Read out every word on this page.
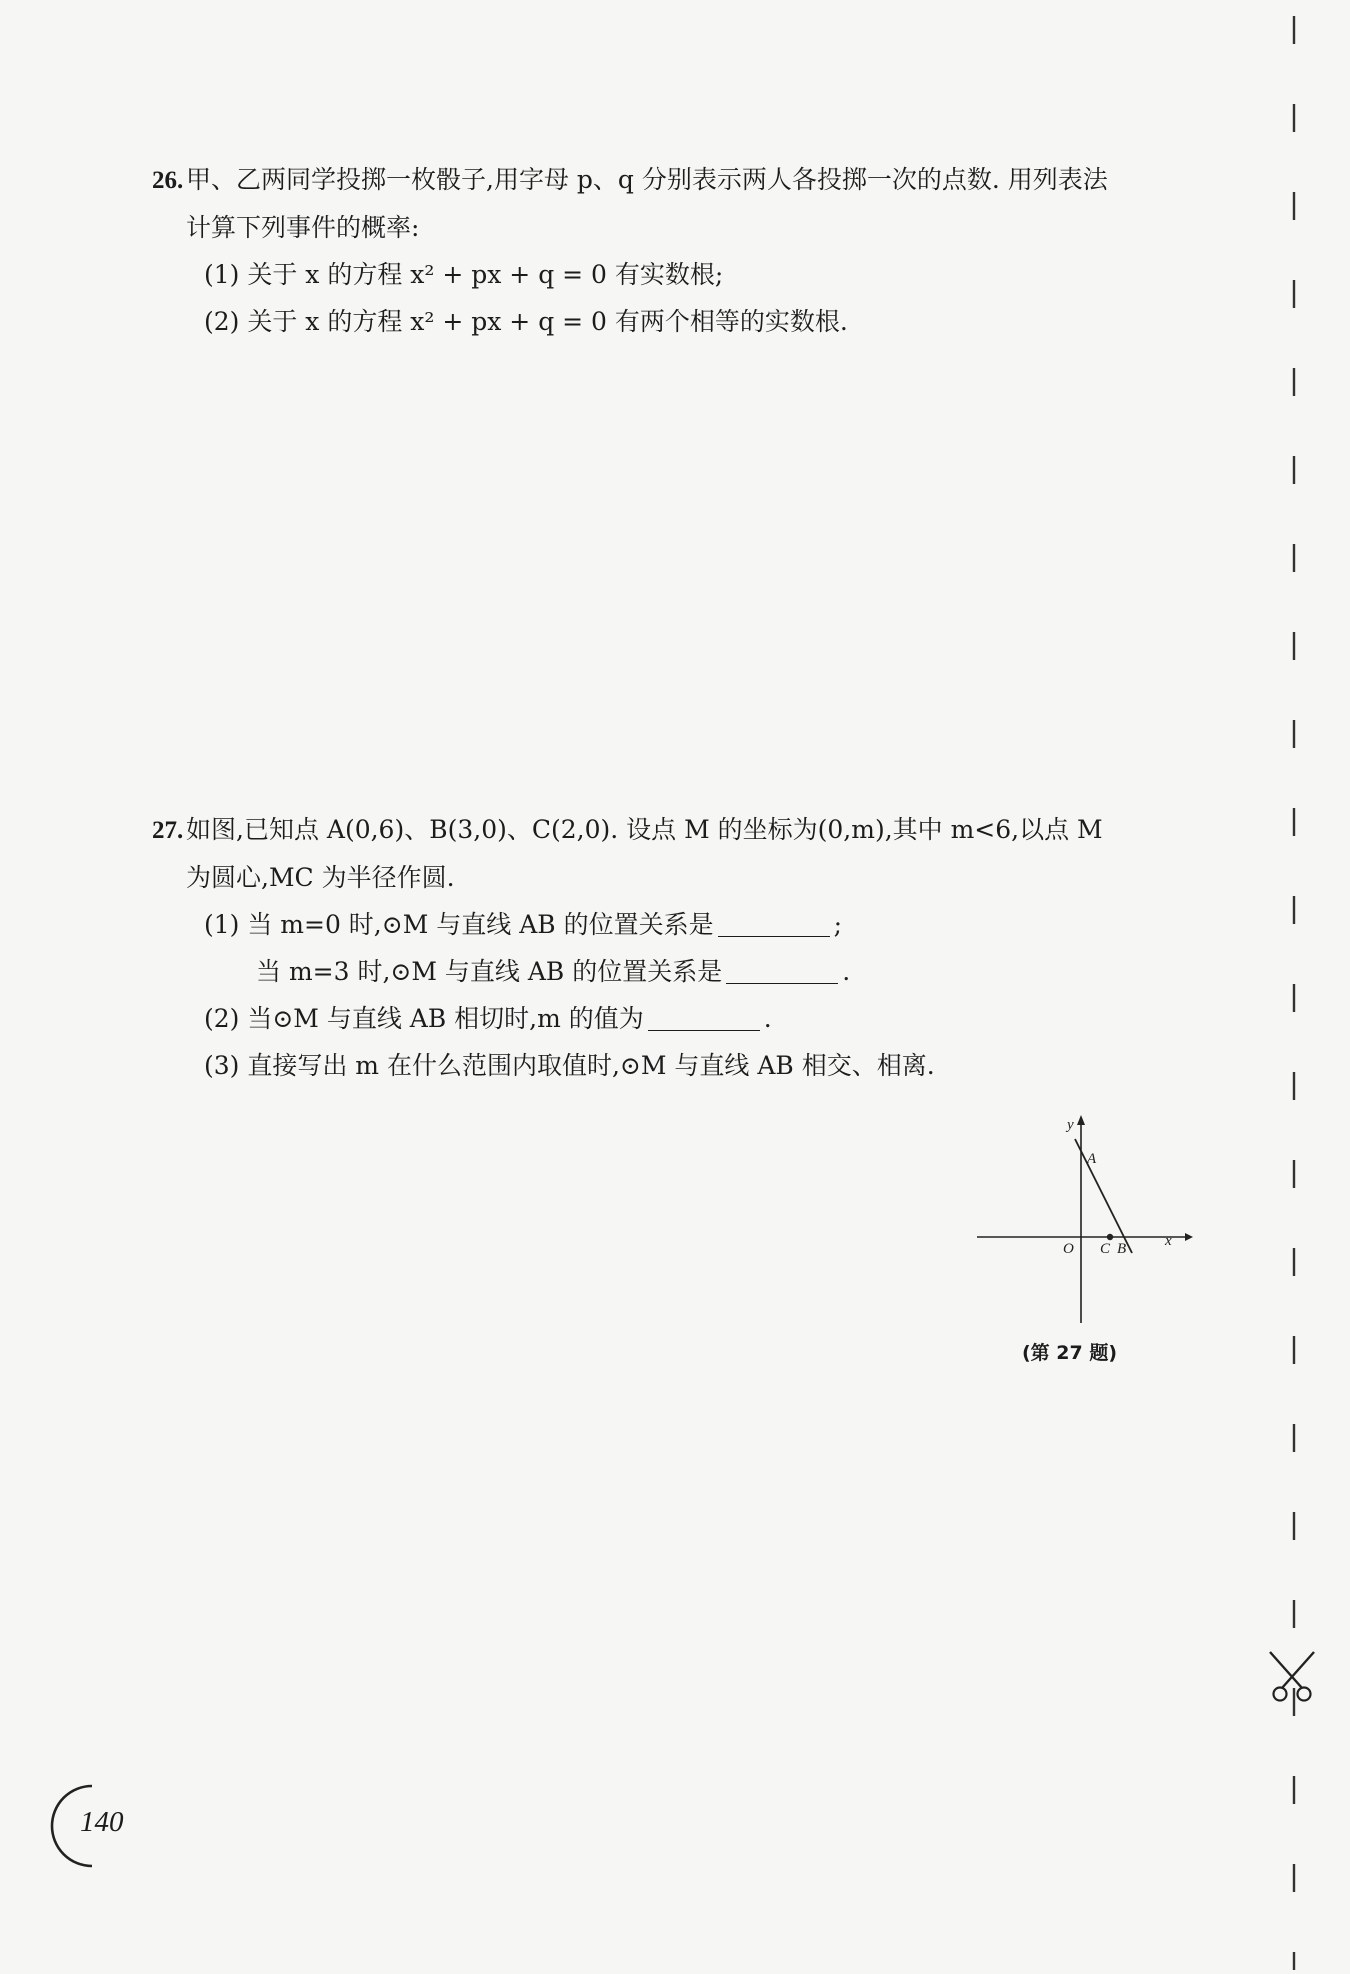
26. 甲、乙两同学投掷一枚骰子,用字母 p、q 分别表示两人各投掷一次的点数. 用列表法
计算下列事件的概率:
(1) 关于 x 的方程 x² + px + q = 0 有实数根;
(2) 关于 x 的方程 x² + px + q = 0 有两个相等的实数根.
27. 如图,已知点 A(0,6)、B(3,0)、C(2,0). 设点 M 的坐标为(0,m),其中 m<6,以点 M
为圆心,MC 为半径作圆.
(1) 当 m=0 时,⊙M 与直线 AB 的位置关系是	;
当 m=3 时,⊙M 与直线 AB 的位置关系是	.
(2) 当⊙M 与直线 AB 相切时,m 的值为	.
(3) 直接写出 m 在什么范围内取值时,⊙M 与直线 AB 相交、相离.
y
A
O C B	x
(第 27 题)
140
